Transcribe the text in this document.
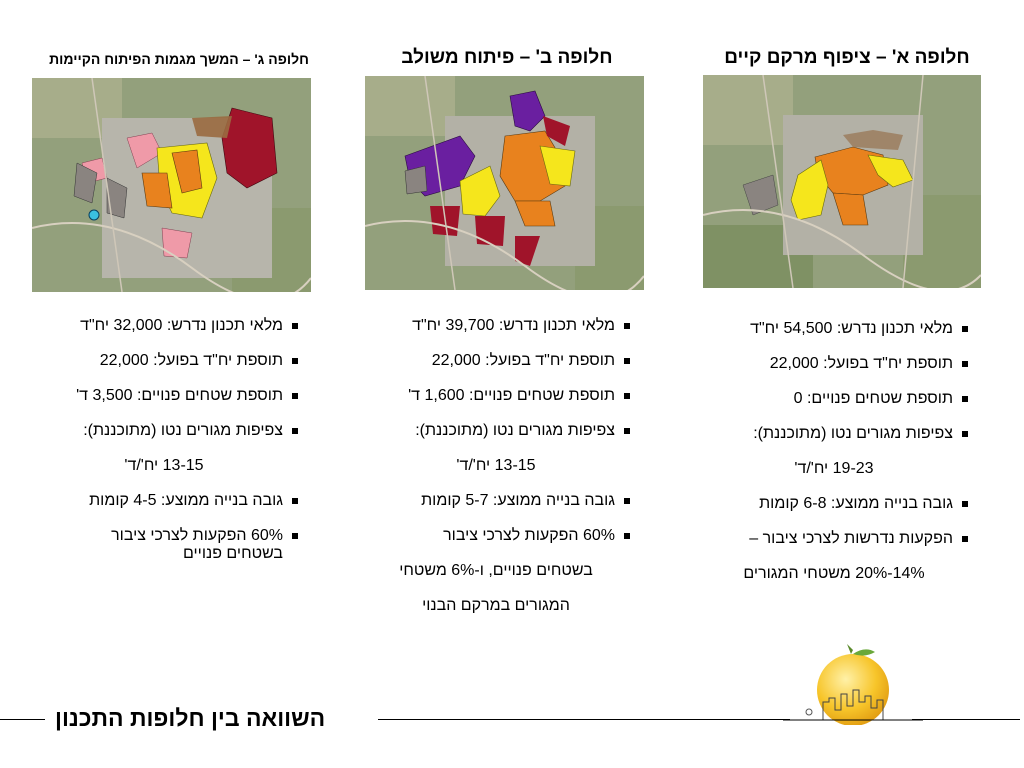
חלופה א' – ציפוף מרקם קיים
חלופה ב' – פיתוח משולב
חלופה ג' – המשך מגמות הפיתוח הקיימות
מלאי תכנון נדרש: 54,500 יח"ד
תוספת יח"ד בפועל: 22,000
תוספת שטחים פנויים: 0
צפיפות מגורים נטו (מתוכננת):
19-23 יח'/ד'
גובה בנייה ממוצע: 6-8 קומות
הפקעות נדרשות לצרכי ציבור –
14%-20% משטחי המגורים
מלאי תכנון נדרש: 39,700 יח"ד
תוספת יח"ד בפועל: 22,000
תוספת שטחים פנויים: 1,600 ד'
צפיפות מגורים נטו (מתוכננת):
13-15 יח'/ד'
גובה בנייה ממוצע: 5-7 קומות
60% הפקעות לצרכי ציבור
בשטחים פנויים, ו-6% משטחי
המגורים במרקם הבנוי
מלאי תכנון נדרש: 32,000 יח"ד
תוספת יח"ד בפועל: 22,000
תוספת שטחים פנויים: 3,500 ד'
צפיפות מגורים נטו (מתוכננת):
13-15 יח'/ד'
גובה בנייה ממוצע: 4-5 קומות
60% הפקעות לצרכי ציבור
בשטחים פנויים
השוואה בין חלופות התכנון
